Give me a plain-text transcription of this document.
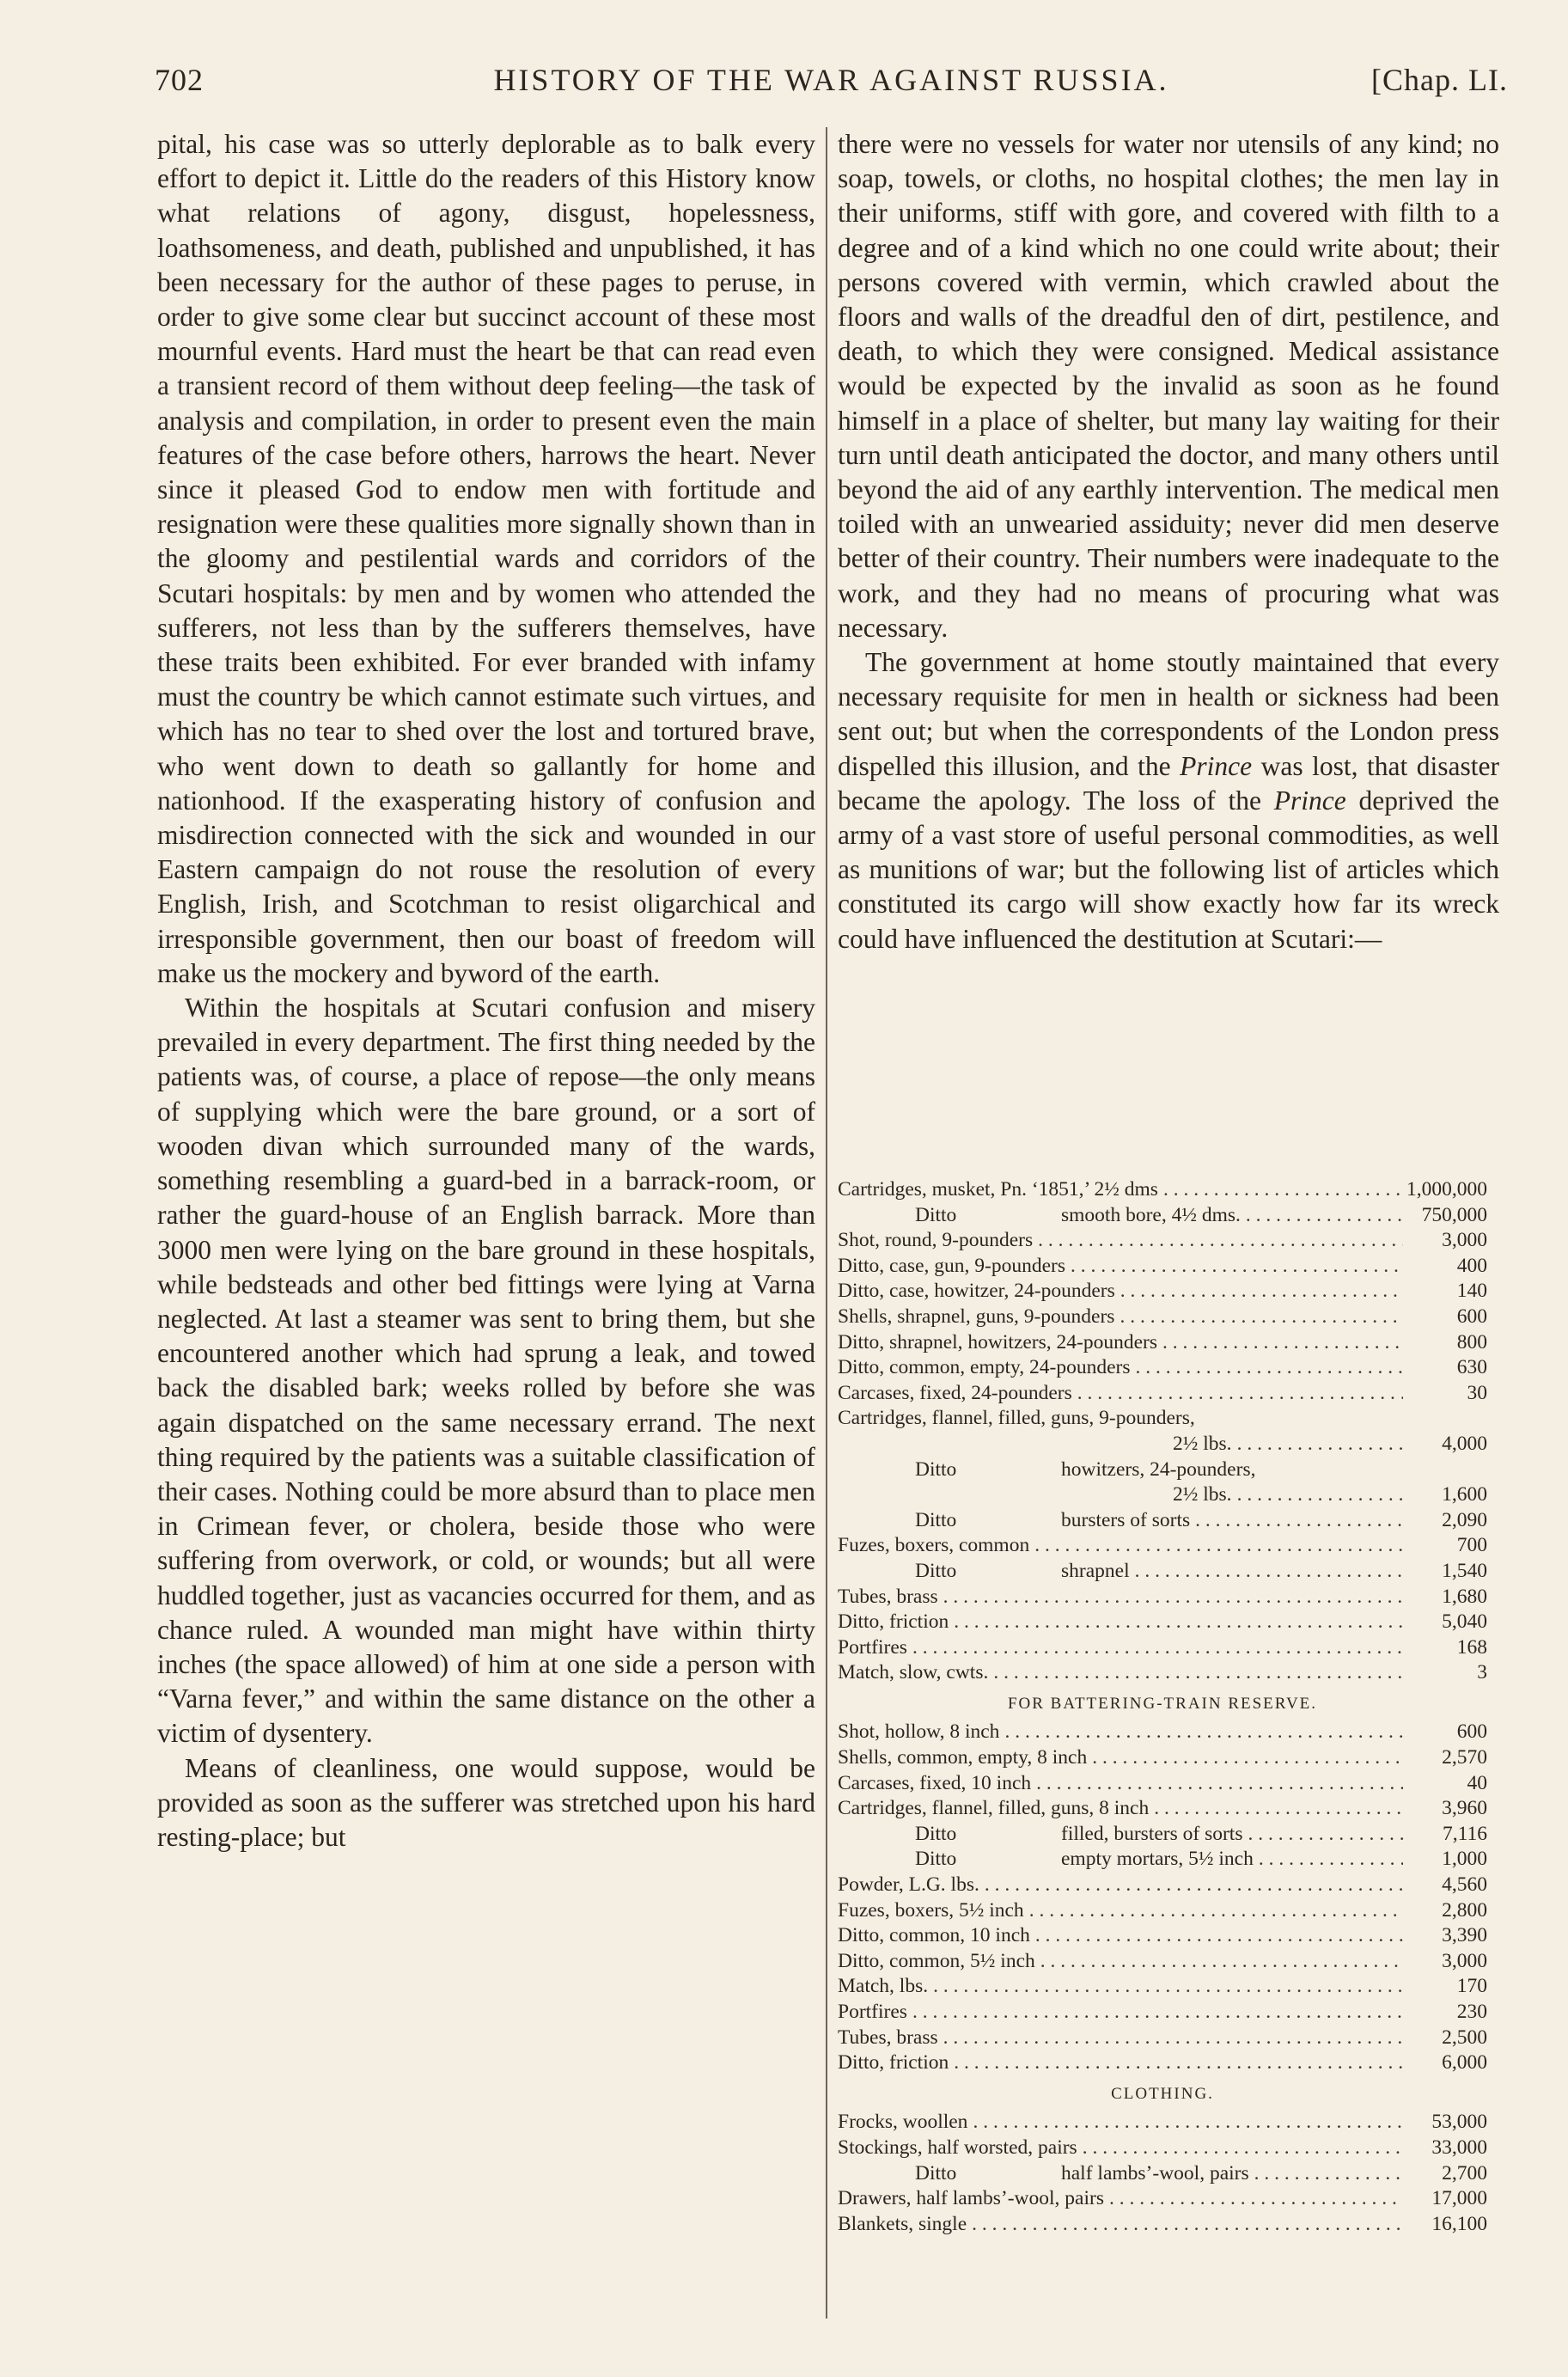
702	HISTORY OF THE WAR AGAINST RUSSIA.	[Chap. LI.

pital, his case was so utterly deplorable as to balk every effort to depict it. Little do the readers of this History know what relations of agony, disgust, hopelessness, loathsomeness, and death, published and unpublished, it has been necessary for the author of these pages to peruse, in order to give some clear but succinct account of these most mournful events. Hard must the heart be that can read even a transient record of them without deep feeling—the task of analysis and compilation, in order to present even the main features of the case before others, harrows the heart. Never since it pleased God to endow men with fortitude and resignation were these qualities more signally shown than in the gloomy and pestilential wards and corridors of the Scutari hospitals: by men and by women who attended the sufferers, not less than by the sufferers themselves, have these traits been exhibited. For ever branded with infamy must the country be which cannot estimate such virtues, and which has no tear to shed over the lost and tortured brave, who went down to death so gallantly for home and nationhood. If the exasperating history of confusion and misdirection connected with the sick and wounded in our Eastern campaign do not rouse the resolution of every English, Irish, and Scotchman to resist oligarchical and irresponsible government, then our boast of freedom will make us the mockery and byword of the earth.

Within the hospitals at Scutari confusion and misery prevailed in every department. The first thing needed by the patients was, of course, a place of repose—the only means of supplying which were the bare ground, or a sort of wooden divan which surrounded many of the wards, something resembling a guard-bed in a barrack-room, or rather the guard-house of an English barrack. More than 3000 men were lying on the bare ground in these hospitals, while bedsteads and other bed fittings were lying at Varna neglected. At last a steamer was sent to bring them, but she encountered another which had sprung a leak, and towed back the disabled bark; weeks rolled by before she was again dispatched on the same necessary errand. The next thing required by the patients was a suitable classification of their cases. Nothing could be more absurd than to place men in Crimean fever, or cholera, beside those who were suffering from overwork, or cold, or wounds; but all were huddled together, just as vacancies occurred for them, and as chance ruled. A wounded man might have within thirty inches (the space allowed) of him at one side a person with “Varna fever,” and within the same distance on the other a victim of dysentery.

Means of cleanliness, one would suppose, would be provided as soon as the sufferer was stretched upon his hard resting-place; but

there were no vessels for water nor utensils of any kind; no soap, towels, or cloths, no hospital clothes; the men lay in their uniforms, stiff with gore, and covered with filth to a degree and of a kind which no one could write about; their persons covered with vermin, which crawled about the floors and walls of the dreadful den of dirt, pestilence, and death, to which they were consigned. Medical assistance would be expected by the invalid as soon as he found himself in a place of shelter, but many lay waiting for their turn until death anticipated the doctor, and many others until beyond the aid of any earthly intervention. The medical men toiled with an unwearied assiduity; never did men deserve better of their country. Their numbers were inadequate to the work, and they had no means of procuring what was necessary.

The government at home stoutly maintained that every necessary requisite for men in health or sickness had been sent out; but when the correspondents of the London press dispelled this illusion, and the Prince was lost, that disaster became the apology. The loss of the Prince deprived the army of a vast store of useful personal commodities, as well as munitions of war; but the following list of articles which constituted its cargo will show exactly how far its wreck could have influenced the destitution at Scutari:—

Cartridges, musket, Pn. ‘1851,’ 2½ dms . . .	1,000,000
Ditto	smooth bore, 4½ dms. . . .	750,000
Shot, round, 9-pounders . . .	3,000
Ditto, case, gun, 9-pounders . . .	400
Ditto, case, howitzer, 24-pounders . . .	140
Shells, shrapnel, guns, 9-pounders . . .	600
Ditto, shrapnel, howitzers, 24-pounders . . .	800
Ditto, common, empty, 24-pounders . . .	630
Carcases, fixed, 24-pounders . . .	30
Cartridges, flannel, filled, guns, 9-pounders,
2½ lbs. . . .	4,000
Ditto	howitzers, 24-pounders,
2½ lbs. . . .	1,600
Ditto	bursters of sorts . . .	2,090
Fuzes, boxers, common . . .	700
Ditto	shrapnel . . .	1,540
Tubes, brass . . .	1,680
Ditto, friction . . .	5,040
Portfires . . .	168
Match, slow, cwts. . . .	3
FOR BATTERING-TRAIN RESERVE.
Shot, hollow, 8 inch . . .	600
Shells, common, empty, 8 inch . . .	2,570
Carcases, fixed, 10 inch . . .	40
Cartridges, flannel, filled, guns, 8 inch . . .	3,960
Ditto	filled, bursters of sorts . . .	7,116
Ditto	empty mortars, 5½ inch . . .	1,000
Powder, L.G. lbs. . . .	4,560
Fuzes, boxers, 5½ inch . . .	2,800
Ditto, common, 10 inch . . .	3,390
Ditto, common, 5½ inch . . .	3,000
Match, lbs. . . .	170
Portfires . . .	230
Tubes, brass . . .	2,500
Ditto, friction . . .	6,000
CLOTHING.
Frocks, woollen . . .	53,000
Stockings, half worsted, pairs . . .	33,000
Ditto	half lambs’-wool, pairs . . .	2,700
Drawers, half lambs’-wool, pairs . . .	17,000
Blankets, single . . .	16,100
